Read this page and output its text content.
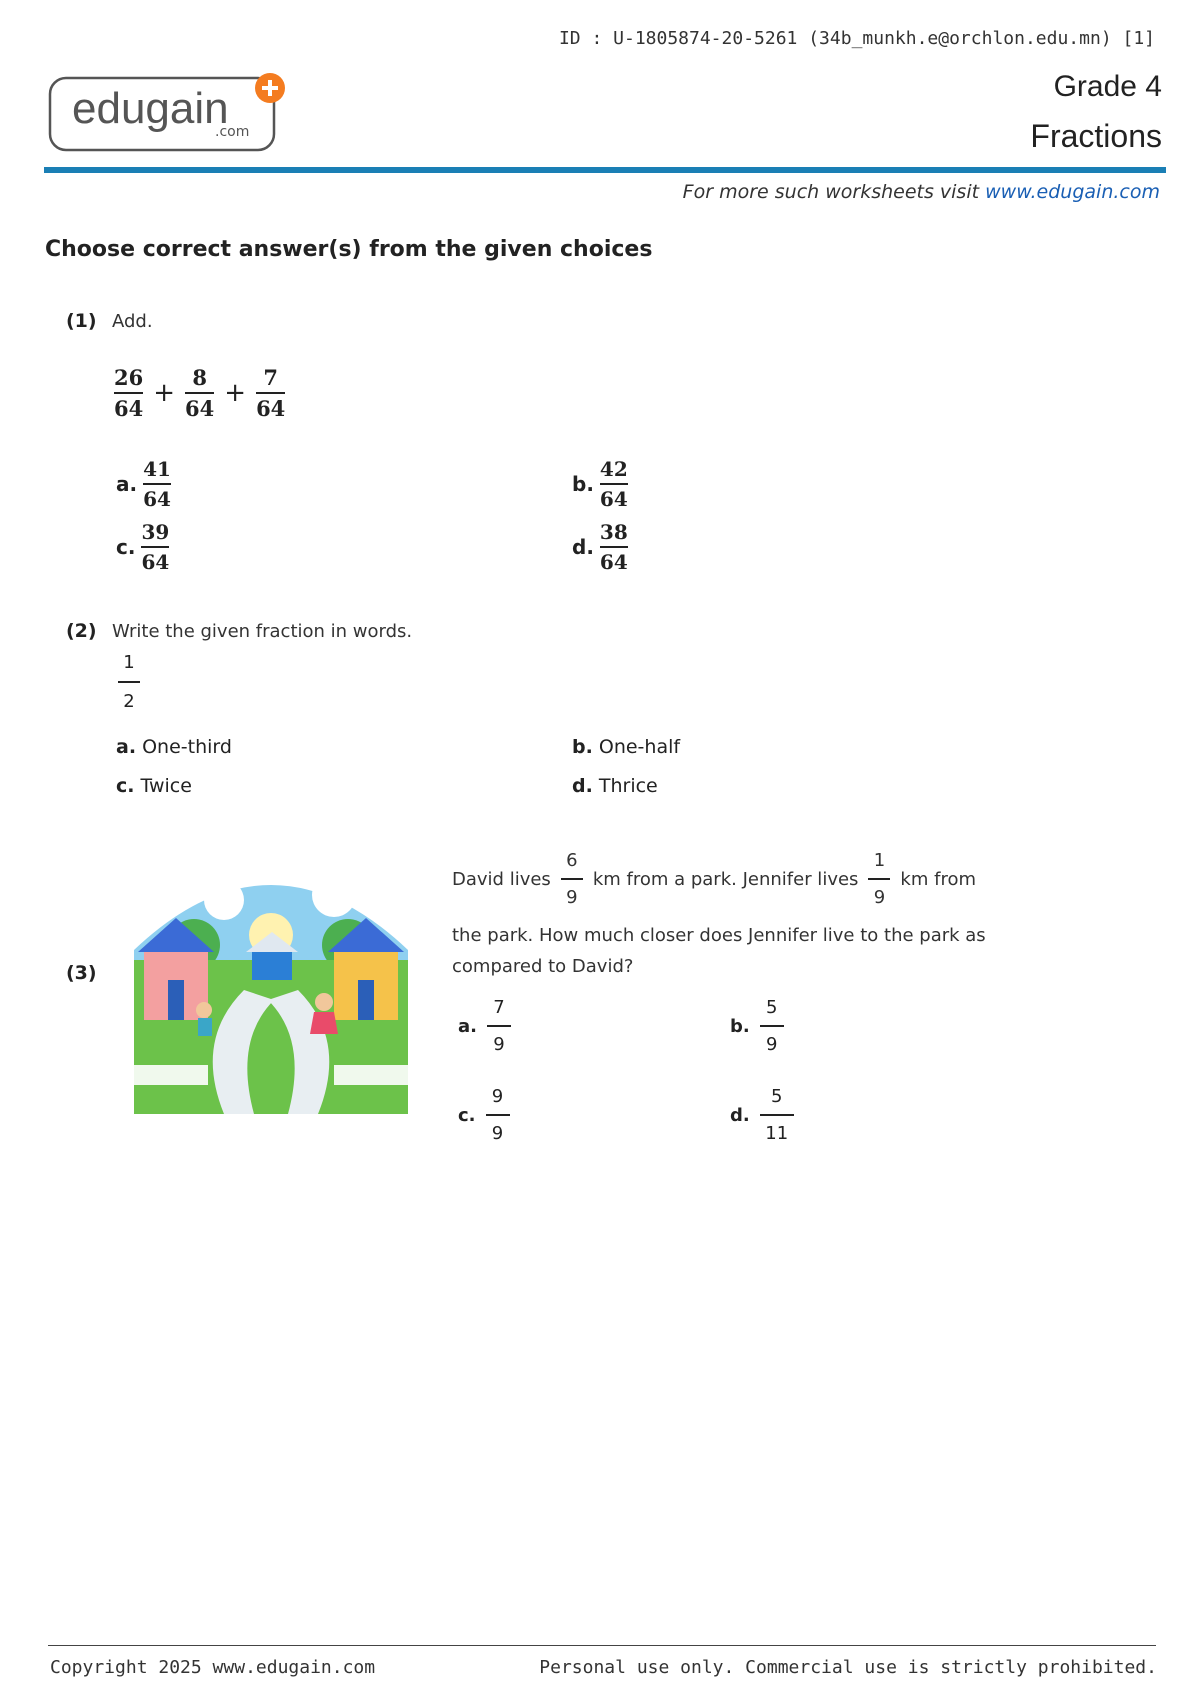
ID : U-1805874-20-5261 (34b_munkh.e@orchlon.edu.mn) [1]
edugain
.com
Grade 4
Fractions
For more such worksheets visit www.edugain.com
Choose correct answer(s) from the given choices
(1) Add.
$\frac{26}{64} + \frac{8}{64} + \frac{7}{64}$
a. $\frac{41}{64}$	b. $\frac{42}{64}$
c. $\frac{39}{64}$	d. $\frac{38}{64}$
(2) Write the given fraction in words.
1
2
a. One-third	b. One-half
c. Twice	d. Thrice
(3)
David lives $\frac{6}{9}$ km from a park. Jennifer lives $\frac{1}{9}$ km from
the park. How much closer does Jennifer live to the park as
compared to David?
a. $\frac{7}{9}$	b. $\frac{5}{9}$
c. $\frac{9}{9}$	d. $\frac{5}{11}$
Copyright 2025 www.edugain.com	Personal use only. Commercial use is strictly prohibited.
